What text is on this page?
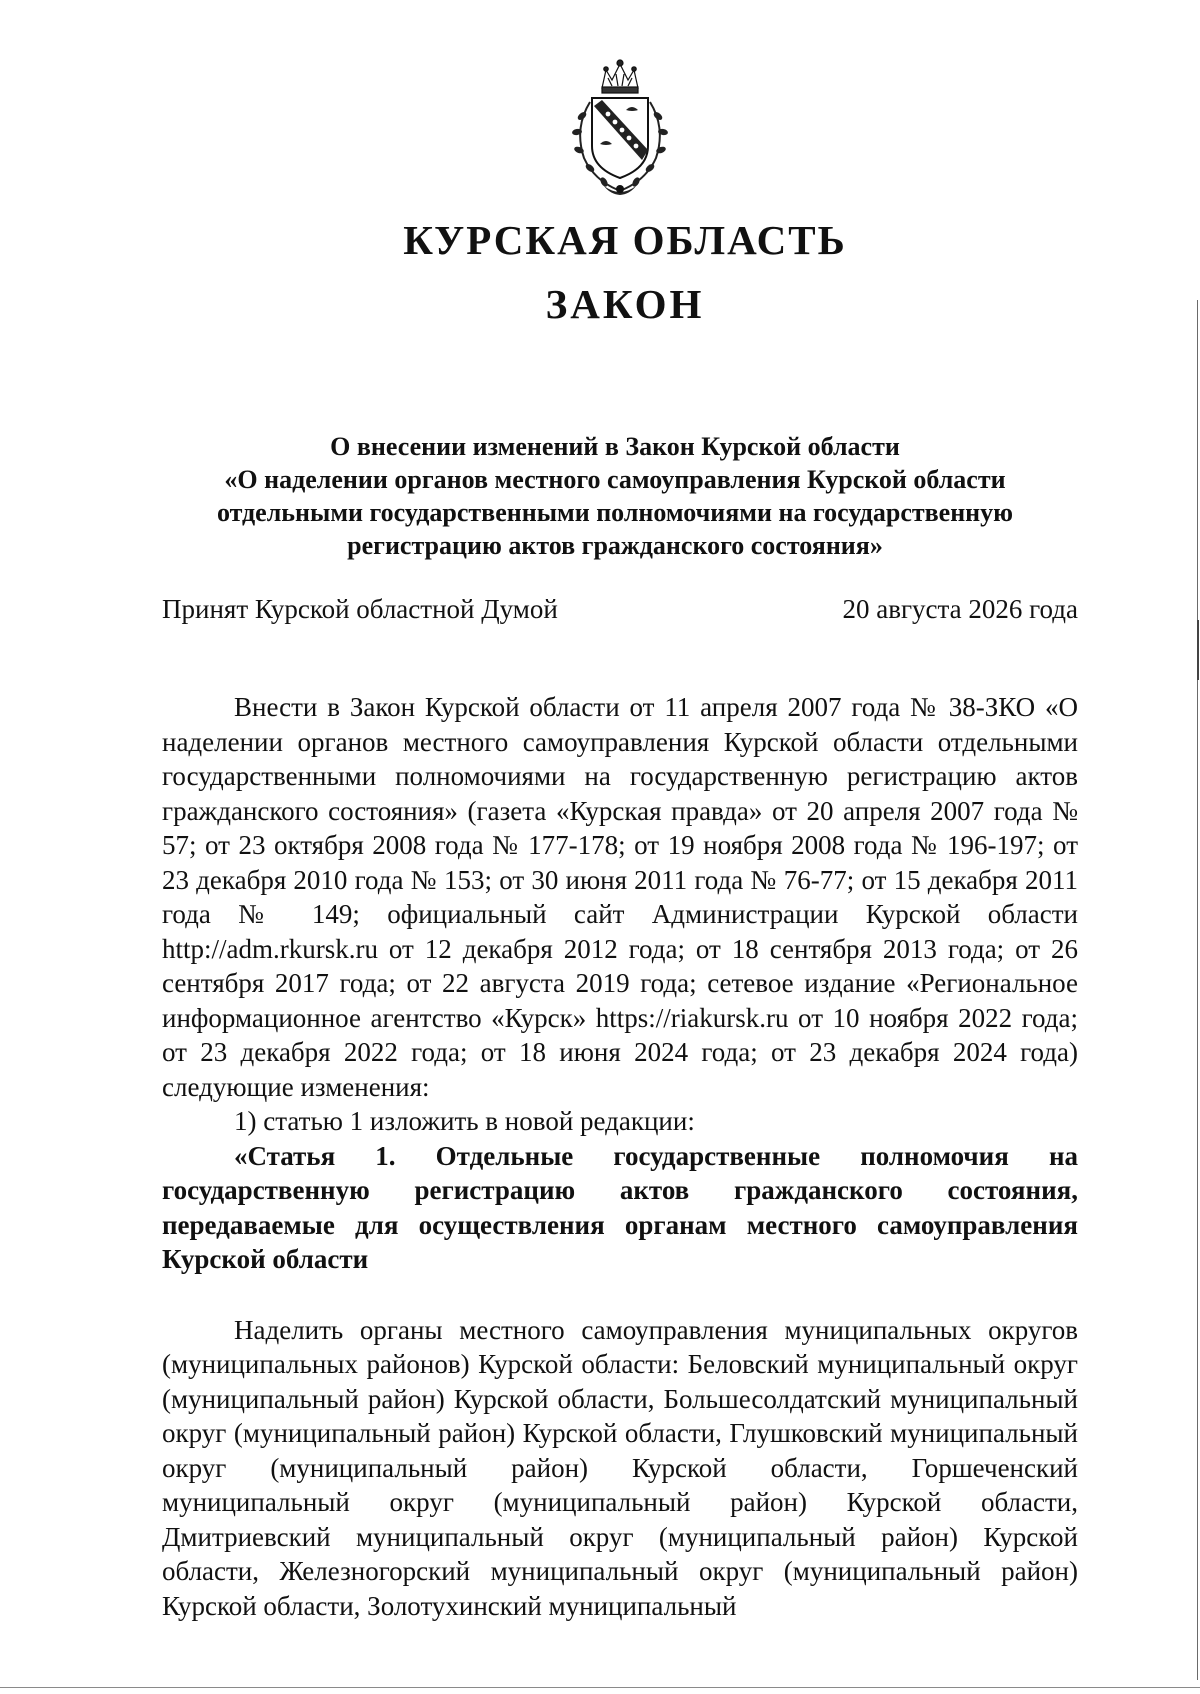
КУРСКАЯ ОБЛАСТЬ
ЗАКОН
О внесении изменений в Закон Курской области
«О наделении органов местного самоуправления Курской области
отдельными государственными полномочиями на государственную
регистрацию актов гражданского состояния»
Принят Курской областной Думой	20 августа 2026 года

Внести в Закон Курской области от 11 апреля 2007 года № 38-ЗКО «О наделении органов местного самоуправления Курской области отдельными государственными полномочиями на государственную регистрацию актов гражданского состояния» (газета «Курская правда» от 20 апреля 2007 года № 57; от 23 октября 2008 года № 177-178; от 19 ноября 2008 года № 196-197; от 23 декабря 2010 года № 153; от 30 июня 2011 года № 76-77; от 15 декабря 2011 года № 149; официальный сайт Администрации Курской области http://adm.rkursk.ru от 12 декабря 2012 года; от 18 сентября 2013 года; от 26 сентября 2017 года; от 22 августа 2019 года; сетевое издание «Региональное информационное агентство «Курск» https://riakursk.ru от 10 ноября 2022 года; от 23 декабря 2022 года; от 18 июня 2024 года; от 23 декабря 2024 года) следующие изменения:

1) статью 1 изложить в новой редакции:

«Статья 1. Отдельные государственные полномочия на государственную регистрацию актов гражданского состояния, передаваемые для осуществления органам местного самоуправления Курской области

Наделить органы местного самоуправления муниципальных округов (муниципальных районов) Курской области: Беловский муниципальный округ (муниципальный район) Курской области, Большесолдатский муниципальный округ (муниципальный район) Курской области, Глушковский муниципальный округ (муниципальный район) Курской области, Горшеченский муниципальный округ (муниципальный район) Курской области, Дмитриевский муниципальный округ (муниципальный район) Курской области, Железногорский муниципальный округ (муниципальный район) Курской области, Золотухинский муниципальный
